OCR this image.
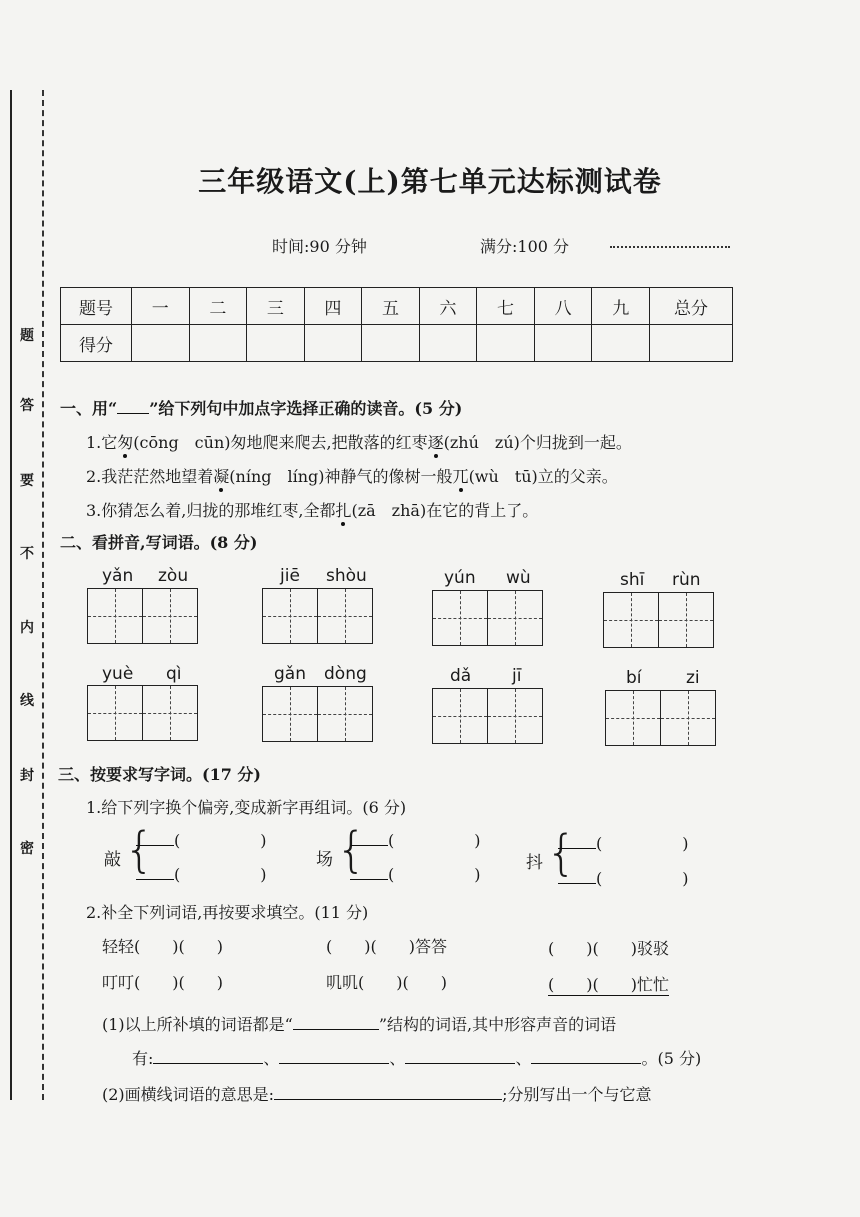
题
答
要
不
内
线
封
密
三年级语文(上)第七单元达标测试卷
时间:90 分钟	满分:100 分
题号	一	二	三	四	五	六	七	八	九	总分
得分										
一、用“ ”给下列句中加点字选择正确的读音。(5 分)
1.它匆(cōng　cūn)匆地爬来爬去,把散落的红枣逐(zhú　zú)个归拢到一起。
2.我茫茫然地望着凝(níng　líng)神静气的像树一般兀(wù　tū)立的父亲。
3.你猜怎么着,归拢的那堆红枣,全都扎(zā　zhā)在它的背上了。
二、看拼音,写词语。(8 分)
yǎn zòu	jiē shòu	yún wù	shī rùn
yuè qì	gǎn dòng	dǎ jī	bí	zi
三、按要求写字词。(17 分)
1.给下列字换个偏旁,变成新字再组词。(6 分)
敲 {	(　　　　　)
(　　　　　)
场 {	(　　　　　)
(　　　　　)
抖 {	(　　　　　)
(　　　　　)
2.补全下列词语,再按要求填空。(11 分)
轻轻(　　)(　　)	(　　)(　　)答答	(　　)(　　)驳驳
叮叮(　　)(　　)	叽叽(　　)(　　)	(　　)(　　)忙忙
(1)以上所补填的词语都是“	”结构的词语,其中形容声音的词语
有:	、	、	、	。(5 分)
(2)画横线词语的意思是:	;分别写出一个与它意
